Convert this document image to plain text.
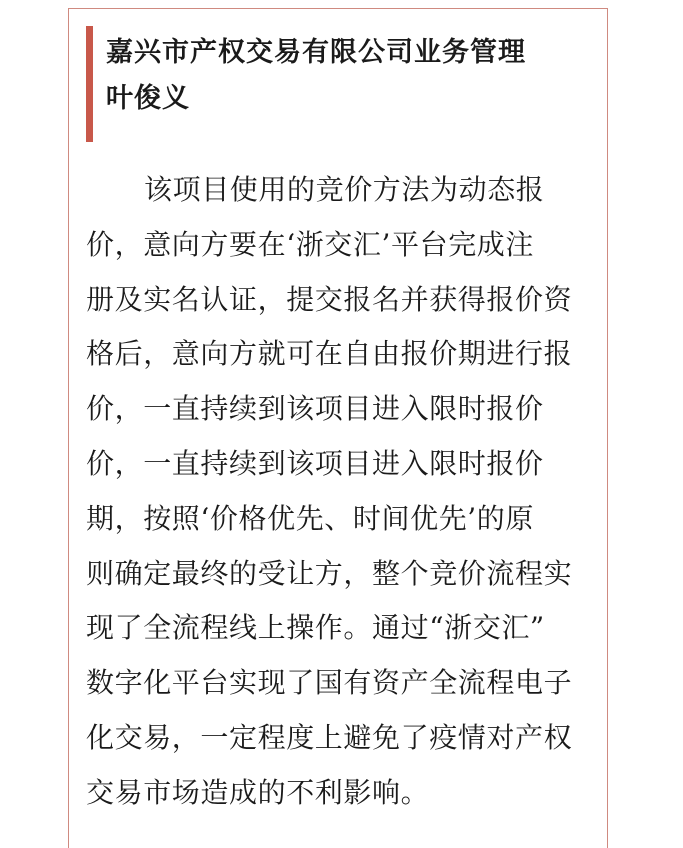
嘉兴市产权交易有限公司业务管理
叶俊义
该项目使用的竞价方法为动态报
价，意向方要在‘浙交汇’平台完成注
册及实名认证，提交报名并获得报价资
格后，意向方就可在自由报价期进行报
价，一直持续到该项目进入限时报价
价，一直持续到该项目进入限时报价
期，按照‘价格优先、时间优先’的原
则确定最终的受让方，整个竞价流程实
现了全流程线上操作。通过“浙交汇”
数字化平台实现了国有资产全流程电子
化交易，一定程度上避免了疫情对产权
交易市场造成的不利影响。
